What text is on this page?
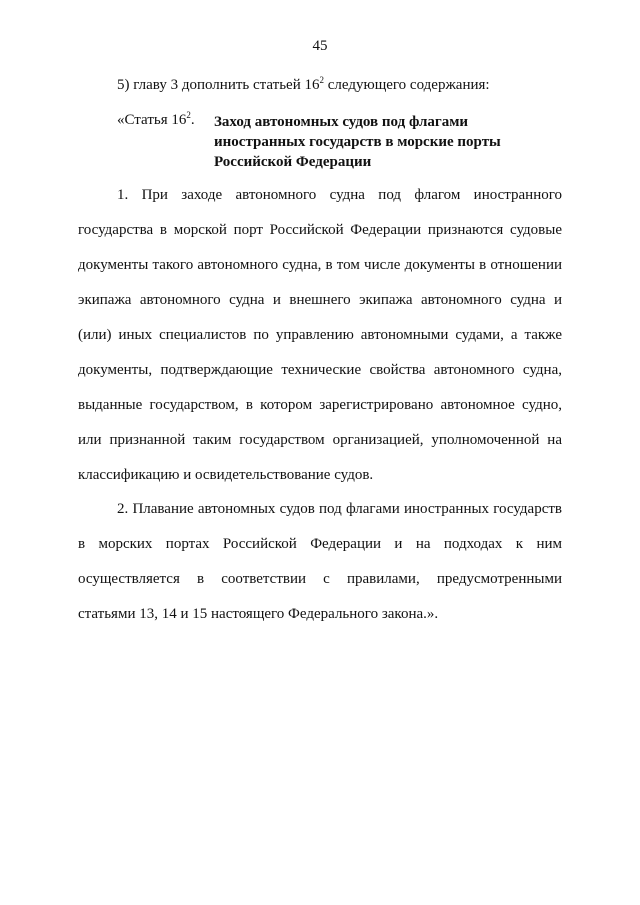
45
5) главу 3 дополнить статьей $16^2$ следующего содержания:
«Статья $16^2$. Заход автономных судов под флагами
иностранных государств в морские порты
Российской Федерации
1. При заходе автономного судна под флагом иностранного
государства в морской порт Российской Федерации признаются судовые
документы такого автономного судна, в том числе документы в отношении
экипажа автономного судна и внешнего экипажа автономного судна и
(или) иных специалистов по управлению автономными судами, а также
документы, подтверждающие технические свойства автономного судна,
выданные государством, в котором зарегистрировано автономное судно,
или признанной таким государством организацией, уполномоченной на
классификацию и освидетельствование судов.
2. Плавание автономных судов под флагами иностранных государств
в морских портах Российской Федерации и на подходах к ним
осуществляется в соответствии с правилами, предусмотренными
статьями 13, 14 и 15 настоящего Федерального закона.».
